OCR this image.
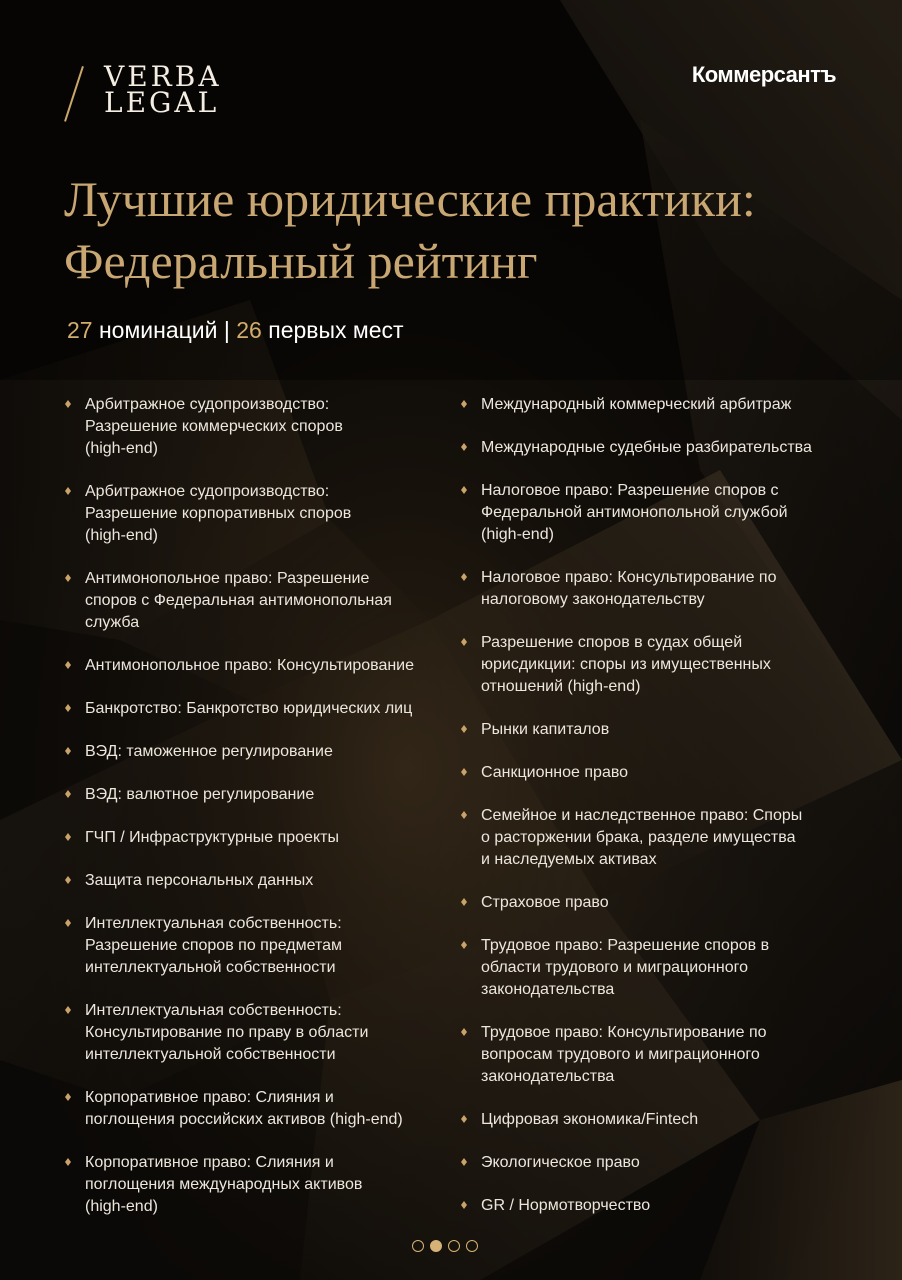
VERBA
LEGAL
Коммерсантъ
Лучшие юридические практики:
Федеральный рейтинг
27 номинаций | 26 первых мест
Арбитражное судопроизводство:
Разрешение коммерческих споров
(high-end)
Арбитражное судопроизводство:
Разрешение корпоративных споров
(high-end)
Антимонопольное право: Разрешение
споров с Федеральная антимонопольная
служба
Антимонопольное право: Консультирование
Банкротство: Банкротство юридических лиц
ВЭД: таможенное регулирование
ВЭД: валютное регулирование
ГЧП / Инфраструктурные проекты
Защита персональных данных
Интеллектуальная собственность:
Разрешение споров по предметам
интеллектуальной собственности
Интеллектуальная собственность:
Консультирование по праву в области
интеллектуальной собственности
Корпоративное право: Слияния и
поглощения российских активов (high-end)
Корпоративное право: Слияния и
поглощения международных активов
(high-end)
Международный коммерческий арбитраж
Международные судебные разбирательства
Налоговое право: Разрешение споров с
Федеральной антимонопольной службой
(high-end)
Налоговое право: Консультирование по
налоговому законодательству
Разрешение споров в судах общей
юрисдикции: споры из имущественных
отношений (high-end)
Рынки капиталов
Санкционное право
Семейное и наследственное право: Споры
о расторжении брака, разделе имущества
и наследуемых активах
Страховое право
Трудовое право: Разрешение споров в
области трудового и миграционного
законодательства
Трудовое право: Консультирование по
вопросам трудового и миграционного
законодательства
Цифровая экономика/Fintech
Экологическое право
GR / Нормотворчество
